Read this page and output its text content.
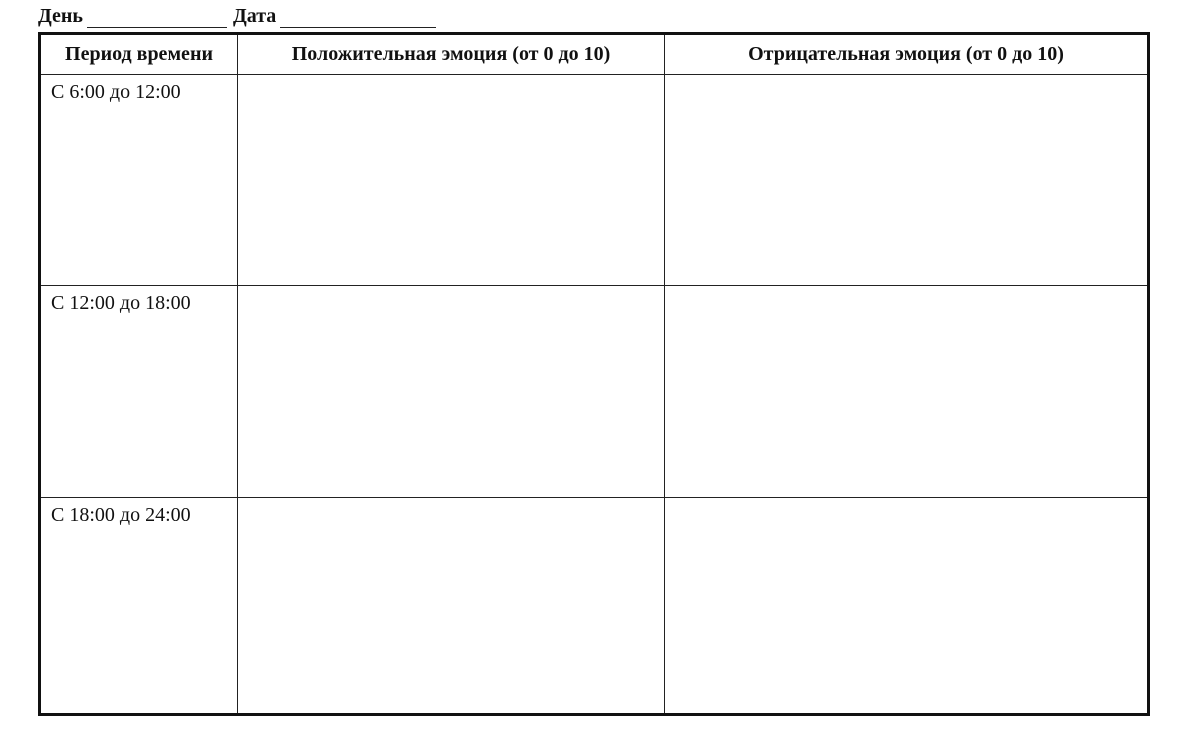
День	Дата
Период времени	Положительная эмоция (от 0 до 10)	Отрицательная эмоция (от 0 до 10)
С 6:00 до 12:00		
С 12:00 до 18:00		
С 18:00 до 24:00		
